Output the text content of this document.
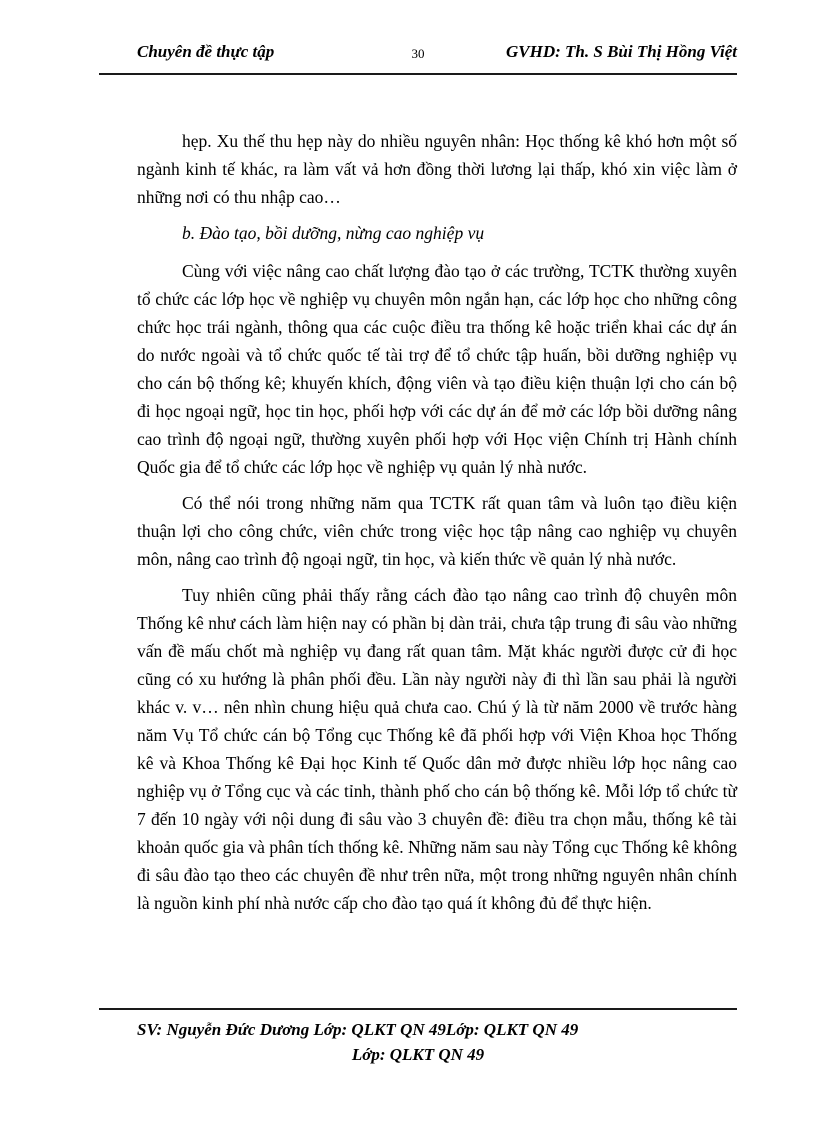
Chuyên đề thực tập	30	GVHD: Th. S Bùi Thị Hồng Việt

hẹp. Xu thế thu hẹp này do nhiều nguyên nhân: Học thống kê khó hơn một số ngành kinh tế khác, ra làm vất vả hơn đồng thời lương lại thấp, khó xin việc làm ở những nơi có thu nhập cao…

b. Đào tạo, bồi dưỡng, nừng cao nghiệp vụ

Cùng với việc nâng cao chất lượng đào tạo ở các trường, TCTK thường xuyên tổ chức các lớp học về nghiệp vụ chuyên môn ngắn hạn, các lớp học cho những công chức học trái ngành, thông qua các cuộc điều tra thống kê hoặc triển khai các dự án do nước ngoài và tổ chức quốc tế tài trợ để tổ chức tập huấn, bồi dưỡng nghiệp vụ cho cán bộ thống kê; khuyến khích, động viên và tạo điều kiện thuận lợi cho cán bộ đi học ngoại ngữ, học tin học, phối hợp với các dự án để mở các lớp bồi dưỡng nâng cao trình độ ngoại ngữ, thường xuyên phối hợp với Học viện Chính trị Hành chính Quốc gia để tổ chức các lớp học về nghiệp vụ quản lý nhà nước.

Có thể nói trong những năm qua TCTK rất quan tâm và luôn tạo điều kiện thuận lợi cho công chức, viên chức trong việc học tập nâng cao nghiệp vụ chuyên môn, nâng cao trình độ ngoại ngữ, tin học, và kiến thức về quản lý nhà nước.

Tuy nhiên cũng phải thấy rằng cách đào tạo nâng cao trình độ chuyên môn Thống kê như cách làm hiện nay có phần bị dàn trải, chưa tập trung đi sâu vào những vấn đề mấu chốt mà nghiệp vụ đang rất quan tâm. Mặt khác người được cử đi học cũng có xu hướng là phân phối đều. Lần này người này đi thì lần sau phải là người khác v. v… nên nhìn chung hiệu quả chưa cao. Chú ý là từ năm 2000 về trước hàng năm Vụ Tổ chức cán bộ Tổng cục Thống kê đã phối hợp với Viện Khoa học Thống kê và Khoa Thống kê Đại học Kinh tế Quốc dân mở được nhiều lớp học nâng cao nghiệp vụ ở Tổng cục và các tỉnh, thành phố cho cán bộ thống kê. Mỗi lớp tổ chức từ 7 đến 10 ngày với nội dung đi sâu vào 3 chuyên đề: điều tra chọn mẫu, thống kê tài khoản quốc gia và phân tích thống kê. Những năm sau này Tổng cục Thống kê không đi sâu đào tạo theo các chuyên đề như trên nữa, một trong những nguyên nhân chính là nguồn kinh phí nhà nước cấp cho đào tạo quá ít không đủ để thực hiện.

SV: Nguyễn Đức Dương Lớp: QLKT QN 49Lớp: QLKT QN 49
Lớp: QLKT QN 49
